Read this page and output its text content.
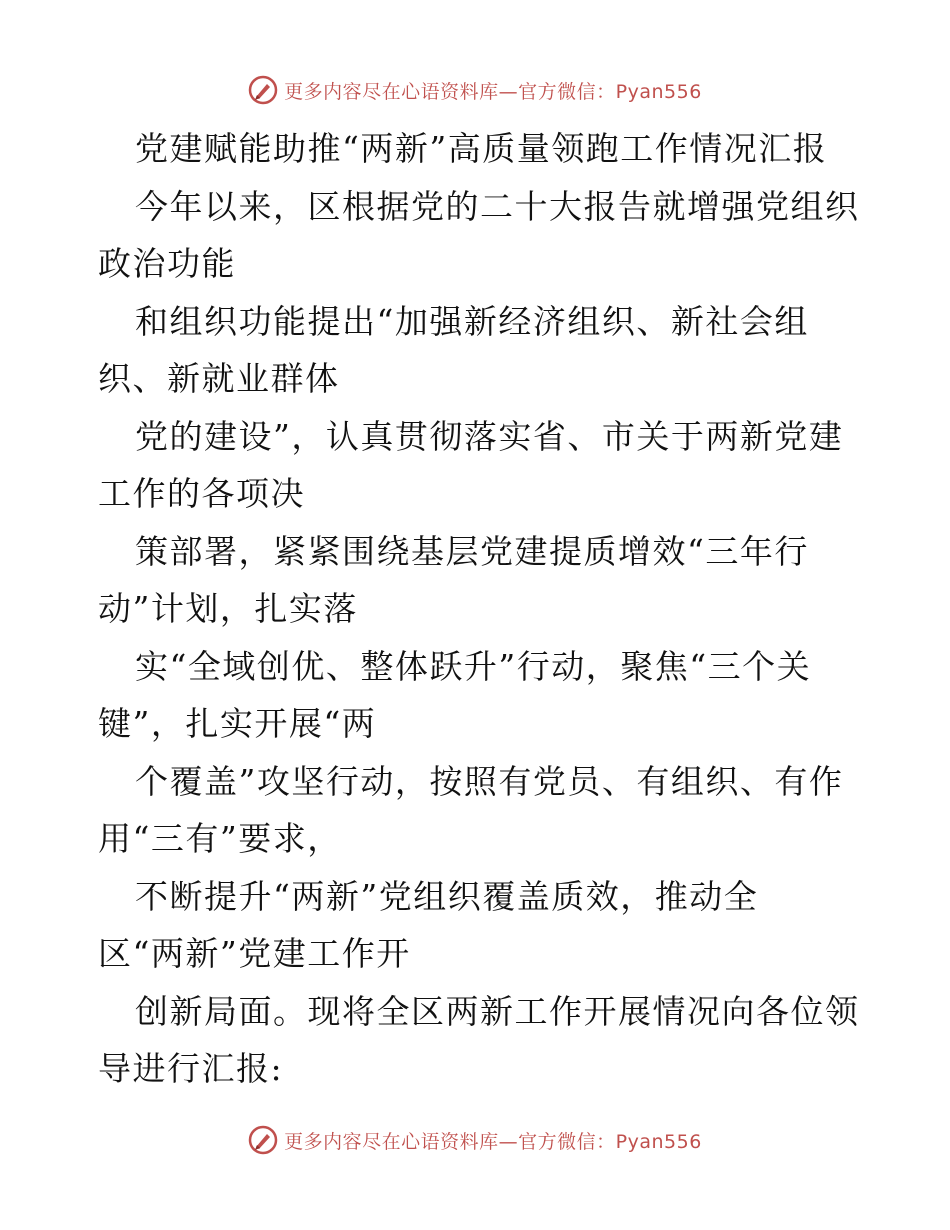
更多内容尽在心语资料库—官方微信：Pyan556
党建赋能助推“两新”高质量领跑工作情况汇报
今年以来，区根据党的二十大报告就增强党组织
政治功能
和组织功能提出“加强新经济组织、新社会组
织、新就业群体
党的建设”，认真贯彻落实省、市关于两新党建
工作的各项决
策部署，紧紧围绕基层党建提质增效“三年行
动”计划，扎实落
实“全域创优、整体跃升”行动，聚焦“三个关
键”，扎实开展“两
个覆盖”攻坚行动，按照有党员、有组织、有作
用“三有”要求，
不断提升“两新”党组织覆盖质效，推动全
区“两新”党建工作开
创新局面。现将全区两新工作开展情况向各位领
导进行汇报:
更多内容尽在心语资料库—官方微信：Pyan556
